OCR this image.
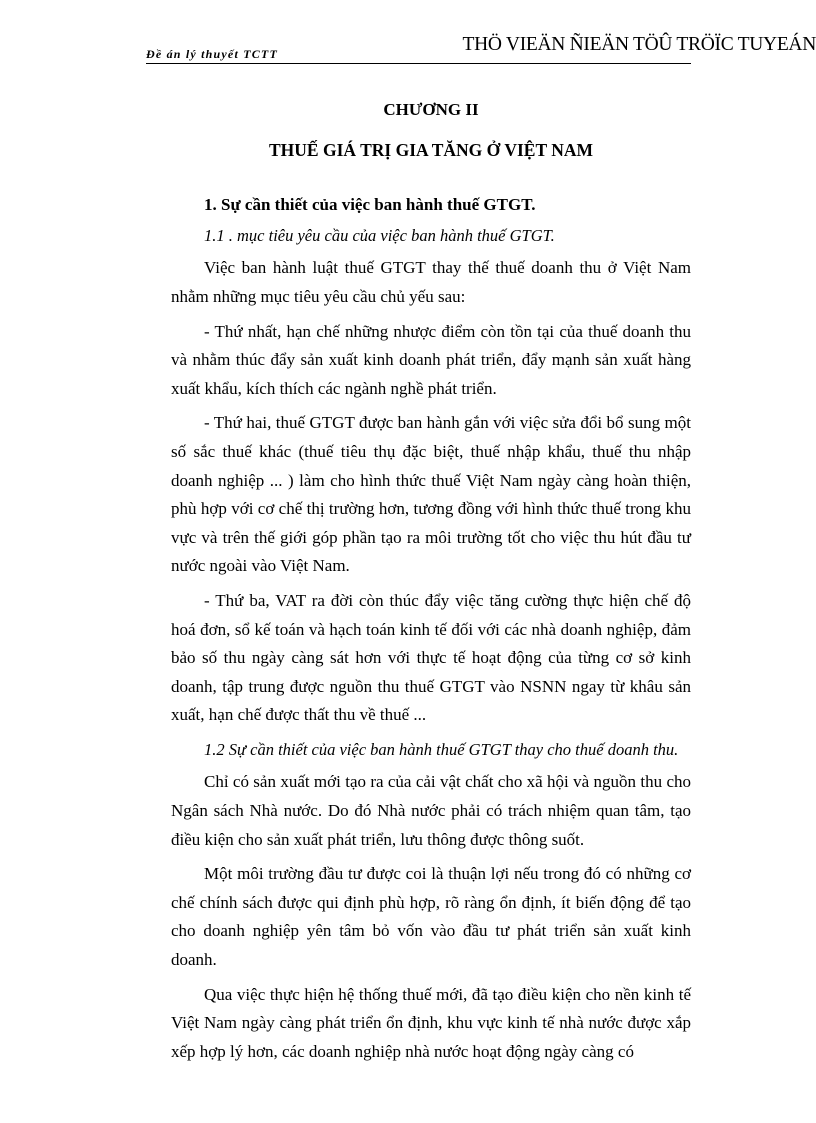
Đề án lý thuyết TCTT	THÖ VIEÄN ÑIEÄN TÖÛ TRÖÏC TUYEÁN
CHƯƠNG II
THUẾ GIÁ TRỊ GIA TĂNG Ở VIỆT NAM
1. Sự cần thiết của việc ban hành thuế GTGT.
1.1 . mục tiêu yêu cầu của việc ban hành thuế GTGT.

Việc ban hành luật thuế GTGT thay thế thuế doanh thu ở Việt Nam nhằm những mục tiêu yêu cầu chủ yếu sau:

- Thứ nhất, hạn chế những nhược điểm còn tồn tại của thuế doanh thu và nhằm thúc đẩy sản xuất kinh doanh phát triển, đẩy mạnh sản xuất hàng xuất khẩu, kích thích các ngành nghề phát triển.

- Thứ hai, thuế GTGT được ban hành gắn với việc sửa đổi bổ sung một số sắc thuế khác (thuế tiêu thụ đặc biệt, thuế nhập khẩu, thuế thu nhập doanh nghiệp ... ) làm cho hình thức thuế Việt Nam ngày càng hoàn thiện, phù hợp với cơ chế thị trường hơn, tương đồng với hình thức thuế trong khu vực và trên thế giới góp phần tạo ra môi trường tốt cho việc thu hút đầu tư nước ngoài vào Việt Nam.

- Thứ ba, VAT ra đời còn thúc đẩy việc tăng cường thực hiện chế độ hoá đơn, sổ kế toán và hạch toán kinh tế đối với các nhà doanh nghiệp, đảm bảo số thu ngày càng sát hơn với thực tế hoạt động của từng cơ sở kinh doanh, tập trung được nguồn thu thuế GTGT vào NSNN ngay từ khâu sản xuất, hạn chế được thất thu về thuế ...

1.2 Sự cần thiết của việc ban hành thuế GTGT thay cho thuế doanh thu.

Chỉ có sản xuất mới tạo ra của cải vật chất cho xã hội và nguồn thu cho Ngân sách Nhà nước. Do đó Nhà nước phải có trách nhiệm quan tâm, tạo điều kiện cho sản xuất phát triển, lưu thông được thông suốt.

Một môi trường đầu tư được coi là thuận lợi nếu trong đó có những cơ chế chính sách được qui định phù hợp, rõ ràng ổn định, ít biến động để tạo cho doanh nghiệp yên tâm bỏ vốn vào đầu tư phát triển sản xuất kinh doanh.

Qua việc thực hiện hệ thống thuế mới, đã tạo điều kiện cho nền kinh tế Việt Nam ngày càng phát triển ổn định, khu vực kinh tế nhà nước được xắp xếp hợp lý hơn, các doanh nghiệp nhà nước hoạt động ngày càng có
